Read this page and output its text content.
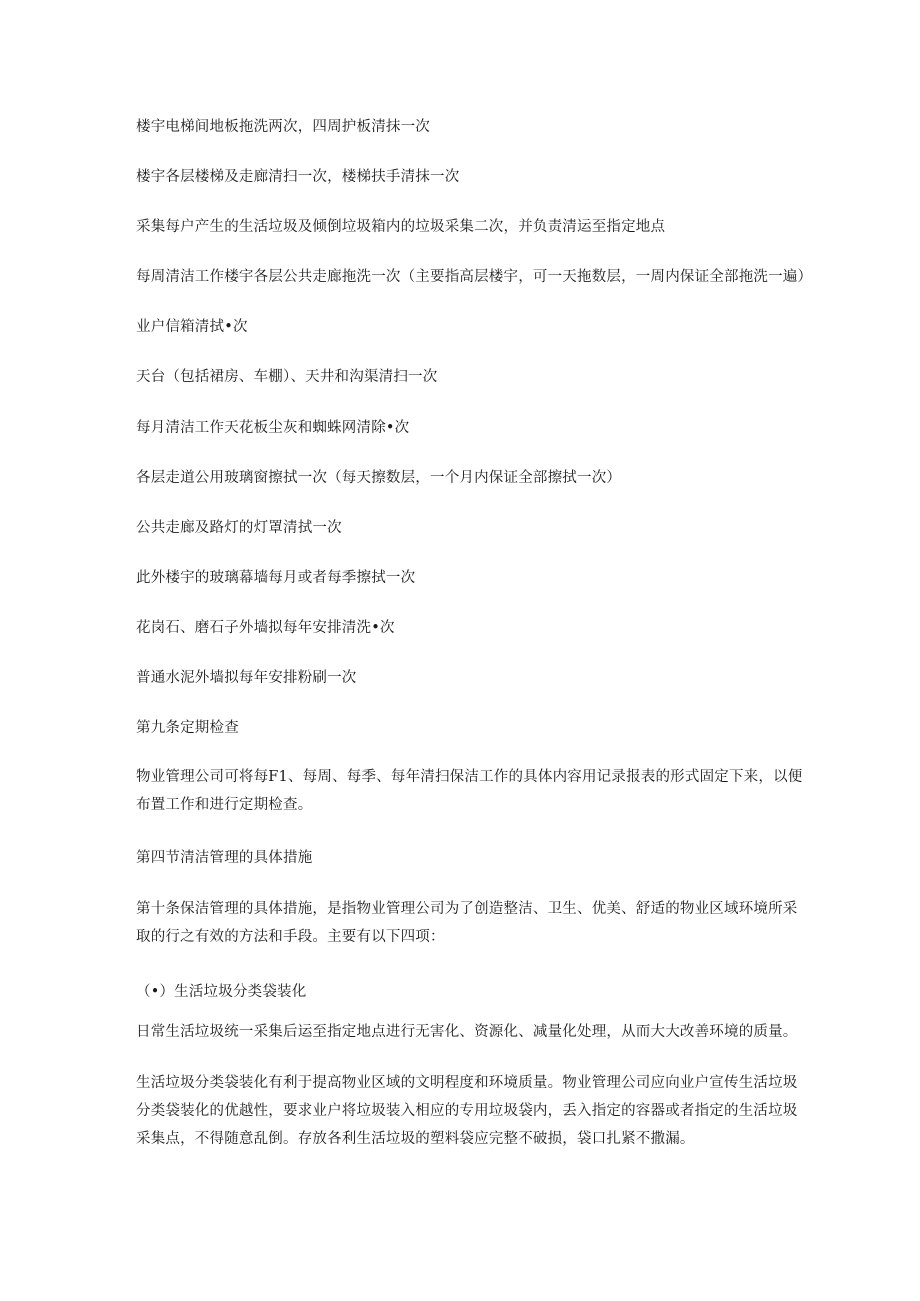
楼宇电梯间地板拖洗两次，四周护板清抹一次
楼宇各层楼梯及走廊清扫一次，楼梯扶手清抹一次
采集每户产生的生活垃圾及倾倒垃圾箱内的垃圾采集二次，并负责清运至指定地点
每周清洁工作楼宇各层公共走廊拖洗一次（主要指高层楼宇，可一天拖数层，一周内保证全部拖洗一遍）
业户信箱清拭•次
天台（包括裙房、车棚）、天井和沟渠清扫一次
每月清洁工作天花板尘灰和蜘蛛网清除•次
各层走道公用玻璃窗擦拭一次（每天擦数层，一个月内保证全部擦拭一次）
公共走廊及路灯的灯罩清拭一次
此外楼宇的玻璃幕墙每月或者每季擦拭一次
花岗石、磨石子外墙拟每年安排清洗•次
普通水泥外墙拟每年安排粉刷一次
第九条定期检查
物业管理公司可将每F1、每周、每季、每年清扫保洁工作的具体内容用记录报表的形式固定下来，以便布置工作和进行定期检查。
第四节清洁管理的具体措施
第十条保洁管理的具体措施，是指物业管理公司为了创造整洁、卫生、优美、舒适的物业区域环境所采取的行之有效的方法和手段。主要有以下四项：
（•）生活垃圾分类袋装化
日常生活垃圾统一采集后运至指定地点进行无害化、资源化、减量化处理，从而大大改善环境的质量。
生活垃圾分类袋装化有利于提高物业区域的文明程度和环境质量。物业管理公司应向业户宣传生活垃圾分类袋装化的优越性，要求业户将垃圾装入相应的专用垃圾袋内，丢入指定的容器或者指定的生活垃圾采集点，不得随意乱倒。存放各利生活垃圾的塑料袋应完整不破损，袋口扎紧不撒漏。
